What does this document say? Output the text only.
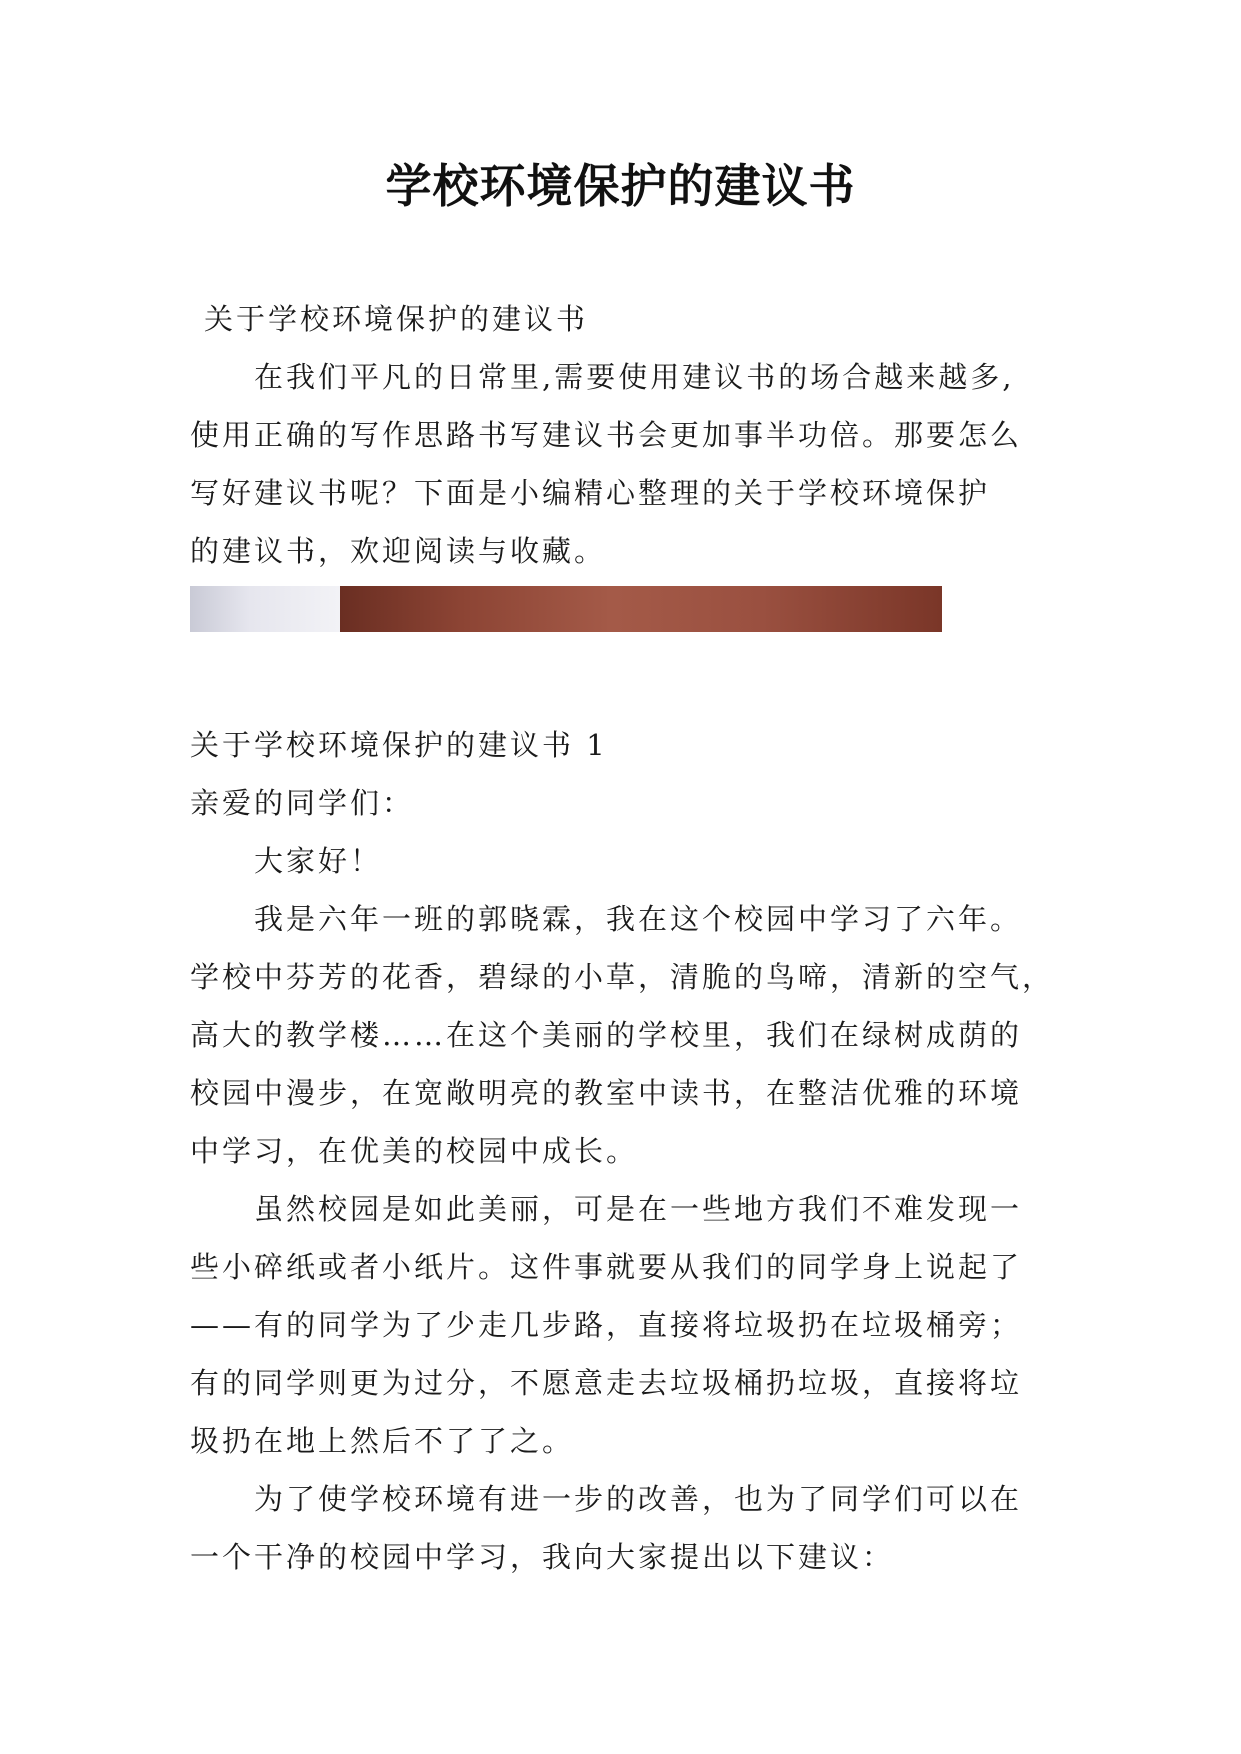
学校环境保护的建议书

关于学校环境保护的建议书

在我们平凡的日常里,需要使用建议书的场合越来越多,

使用正确的写作思路书写建议书会更加事半功倍。那要怎么

写好建议书呢？下面是小编精心整理的关于学校环境保护

的建议书，欢迎阅读与收藏。

关于学校环境保护的建议书 1

亲爱的同学们：

大家好！

我是六年一班的郭晓霖，我在这个校园中学习了六年。

学校中芬芳的花香，碧绿的小草，清脆的鸟啼，清新的空气，

高大的教学楼……在这个美丽的学校里，我们在绿树成荫的

校园中漫步，在宽敞明亮的教室中读书，在整洁优雅的环境

中学习，在优美的校园中成长。

虽然校园是如此美丽，可是在一些地方我们不难发现一

些小碎纸或者小纸片。这件事就要从我们的同学身上说起了

——有的同学为了少走几步路，直接将垃圾扔在垃圾桶旁；

有的同学则更为过分，不愿意走去垃圾桶扔垃圾，直接将垃

圾扔在地上然后不了了之。

为了使学校环境有进一步的改善，也为了同学们可以在

一个干净的校园中学习，我向大家提出以下建议：
